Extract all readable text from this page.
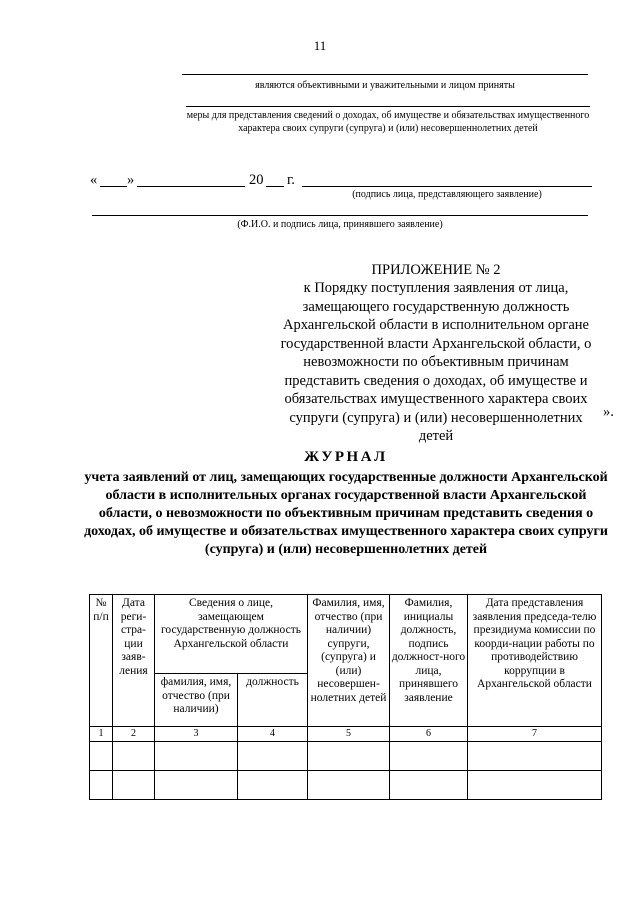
11
являются объективными и уважительными и лицом приняты
меры для представления сведений о доходах, об имуществе и обязательствах имущественного характера своих супруги (супруга) и (или) несовершеннолетних детей
« »	20 г.
(подпись лица, представляющего заявление)
(Ф.И.О. и подпись лица, принявшего заявление)
ПРИЛОЖЕНИЕ № 2
к Порядку поступления заявления от лица, замещающего государственную должность Архангельской области в исполнительном органе государственной власти Архангельской области, о невозможности по объективным причинам представить сведения о доходах, об имуществе и обязательствах имущественного характера своих супруги (супруга) и (или) несовершеннолетних детей
».
ЖУРНАЛ
учета заявлений от лиц, замещающих государственные должности Архангельской области в исполнительных органах государственной власти Архангельской области, о невозможности по объективным причинам представить сведения о доходах, об имуществе и обязательствах имущественного характера своих супруги (супруга) и (или) несовершеннолетних детей
№ п/п	Дата реги-стра-ции заяв-ления	Сведения о лице, замещающем государственную должность Архангельской области		Фамилия, имя, отчество (при наличии) супруги, (супруга) и (или) несовершен-нолетних детей	Фамилия, инициалы должность, подпись должност-ного лица, принявшего заявление	Дата представления заявления председа-телю президиума комиссии по коорди-нации работы по противодействию коррупции в Архангельской области
		фамилия, имя, отчество (при наличии)	должность			
1	2	3	4	5	6	7
